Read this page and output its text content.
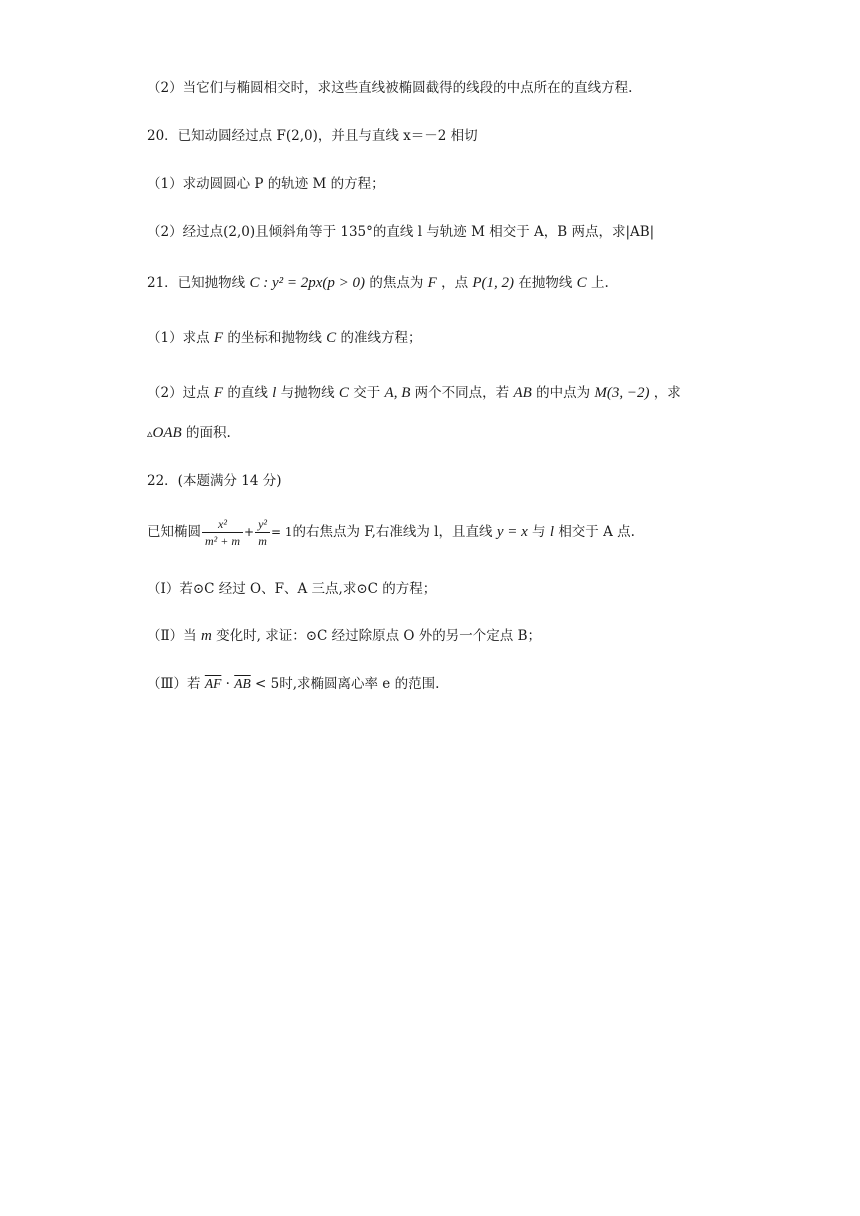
（2）当它们与椭圆相交时，求这些直线被椭圆截得的线段的中点所在的直线方程.
20．已知动圆经过点 F(2,0)，并且与直线 x＝－2 相切
（1）求动圆圆心 P 的轨迹 M 的方程；
（2）经过点(2,0)且倾斜角等于 135°的直线 l 与轨迹 M 相交于 A，B 两点，求|AB|
21．已知抛物线 C : y² = 2px(p > 0) 的焦点为 F ，点 P(1, 2) 在抛物线 C 上.
（1）求点 F 的坐标和抛物线 C 的准线方程；
（2）过点 F 的直线 l 与抛物线 C 交于 A, B 两个不同点，若 AB 的中点为 M(3, −2) ，求
▵OAB 的面积.
22．(本题满分 14 分)
已知椭圆 $\frac{\text{x²}}{\text{m² + m}} + \frac{\text{y²}}{m} = 1$的右焦点为 F,右准线为 l，且直线 y = x 与 l 相交于 A 点.
（Ⅰ）若⊙C 经过 O、F、A 三点,求⊙C 的方程；
（Ⅱ）当 m 变化时, 求证：⊙C 经过除原点 O 外的另一个定点 B；
（Ⅲ）若 $\overline{AF} \cdot \overline{AB} < 5$时,求椭圆离心率 e 的范围.
